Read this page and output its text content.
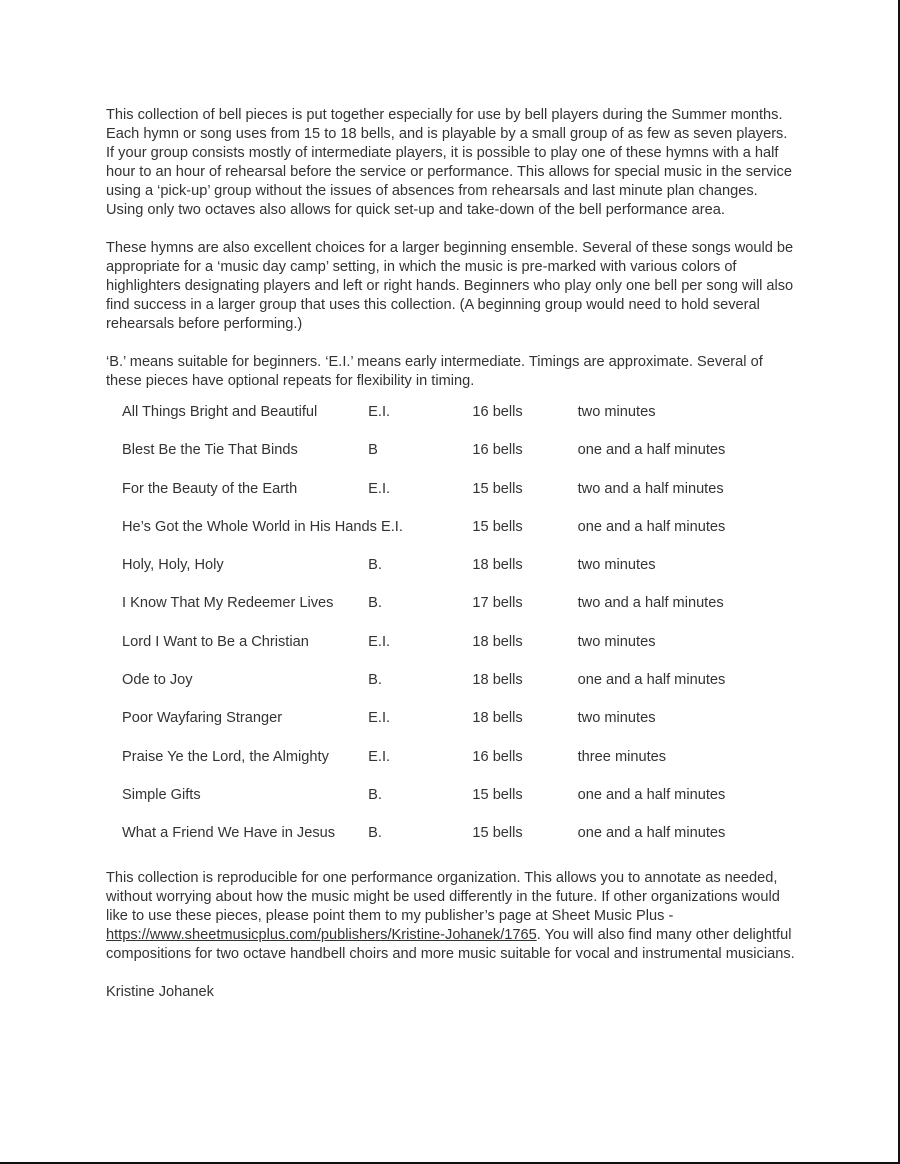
This collection of bell pieces is put together especially for use by bell players during the Summer months. Each hymn or song uses from 15 to 18 bells, and is playable by a small group of as few as seven players. If your group consists mostly of intermediate players, it is possible to play one of these hymns with a half hour to an hour of rehearsal before the service or performance. This allows for special music in the service using a ‘pick-up’ group without the issues of absences from rehearsals and last minute plan changes. Using only two octaves also allows for quick set-up and take-down of the bell performance area.

These hymns are also excellent choices for a larger beginning ensemble. Several of these songs would be appropriate for a ‘music day camp’ setting, in which the music is pre-marked with various colors of highlighters designating players and left or right hands. Beginners who play only one bell per song will also find success in a larger group that uses this collection. (A beginning group would need to hold several rehearsals before performing.)

‘B.’ means suitable for beginners. ‘E.I.’ means early intermediate. Timings are approximate. Several of these pieces have optional repeats for flexibility in timing.

All Things Bright and Beautiful	E.I.	16 bells	two minutes
Blest Be the Tie That Binds	B	16 bells	one and a half minutes
For the Beauty of the Earth	E.I.	15 bells	two and a half minutes
He’s Got the Whole World in His Hands E.I.	15 bells	one and a half minutes
Holy, Holy, Holy	B.	18 bells	two minutes
I Know That My Redeemer Lives	B.	17 bells	two and a half minutes
Lord I Want to Be a Christian	E.I.	18 bells	two minutes
Ode to Joy	B.	18 bells	one and a half minutes
Poor Wayfaring Stranger	E.I.	18 bells	two minutes
Praise Ye the Lord, the Almighty	E.I.	16 bells	three minutes
Simple Gifts	B.	15 bells	one and a half minutes
What a Friend We Have in Jesus	B.	15 bells	one and a half minutes

This collection is reproducible for one performance organization. This allows you to annotate as needed, without worrying about how the music might be used differently in the future. If other organizations would like to use these pieces, please point them to my publisher’s page at Sheet Music Plus - https://www.sheetmusicplus.com/publishers/Kristine-Johanek/1765. You will also find many other delightful compositions for two octave handbell choirs and more music suitable for vocal and instrumental musicians.

Kristine Johanek
